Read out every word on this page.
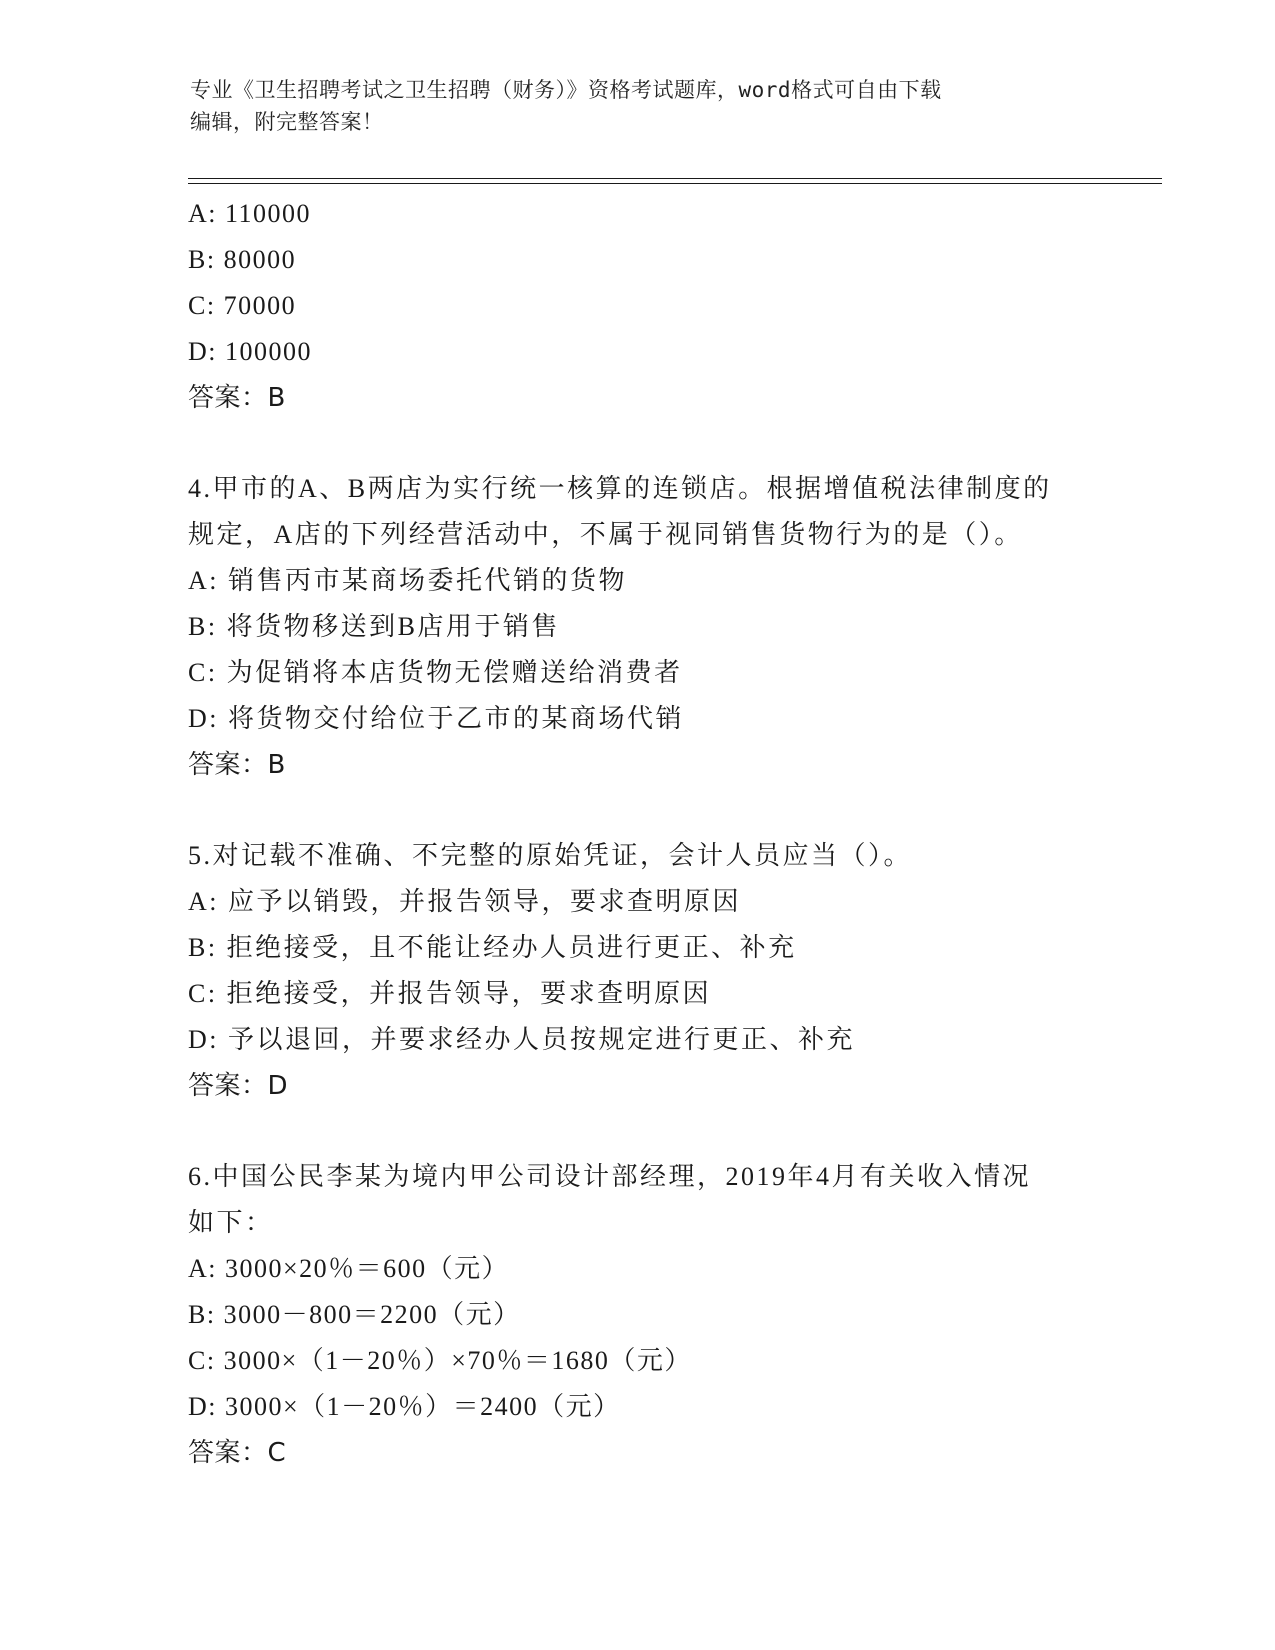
专业《卫生招聘考试之卫生招聘（财务）》资格考试题库，word格式可自由下载
编辑，附完整答案！
A: 110000
B: 80000
C: 70000
D: 100000
答案：B
4.甲市的A、B两店为实行统一核算的连锁店。根据增值税法律制度的
规定，A店的下列经营活动中，不属于视同销售货物行为的是（）。
A: 销售丙市某商场委托代销的货物
B: 将货物移送到B店用于销售
C: 为促销将本店货物无偿赠送给消费者
D: 将货物交付给位于乙市的某商场代销
答案：B
5.对记载不准确、不完整的原始凭证，会计人员应当（）。
A: 应予以销毁，并报告领导，要求查明原因
B: 拒绝接受，且不能让经办人员进行更正、补充
C: 拒绝接受，并报告领导，要求查明原因
D: 予以退回，并要求经办人员按规定进行更正、补充
答案：D
6.中国公民李某为境内甲公司设计部经理，2019年4月有关收入情况
如下：
A: 3000×20％＝600（元）
B: 3000－800＝2200（元）
C: 3000×（1－20％）×70％＝1680（元）
D: 3000×（1－20％）＝2400（元）
答案：C
